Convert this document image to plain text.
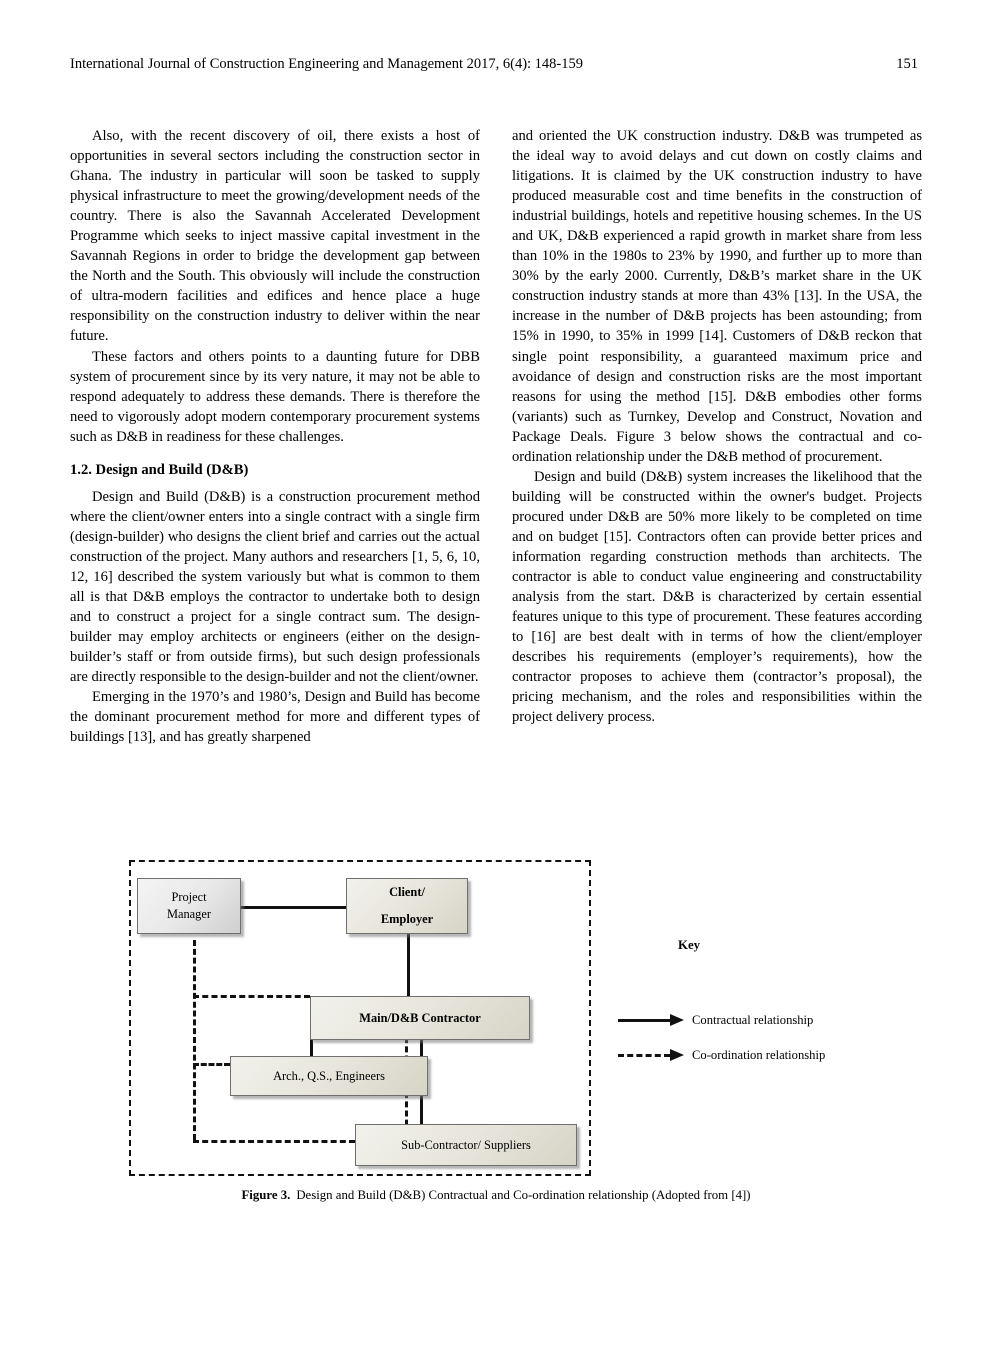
International Journal of Construction Engineering and Management 2017, 6(4): 148-159	151

Also, with the recent discovery of oil, there exists a host of opportunities in several sectors including the construction sector in Ghana. The industry in particular will soon be tasked to supply physical infrastructure to meet the growing/development needs of the country. There is also the Savannah Accelerated Development Programme which seeks to inject massive capital investment in the Savannah Regions in order to bridge the development gap between the North and the South. This obviously will include the construction of ultra-modern facilities and edifices and hence place a huge responsibility on the construction industry to deliver within the near future.

These factors and others points to a daunting future for DBB system of procurement since by its very nature, it may not be able to respond adequately to address these demands. There is therefore the need to vigorously adopt modern contemporary procurement systems such as D&B in readiness for these challenges.

1.2. Design and Build (D&B)

Design and Build (D&B) is a construction procurement method where the client/owner enters into a single contract with a single firm (design-builder) who designs the client brief and carries out the actual construction of the project. Many authors and researchers [1, 5, 6, 10, 12, 16] described the system variously but what is common to them all is that D&B employs the contractor to undertake both to design and to construct a project for a single contract sum. The design-builder may employ architects or engineers (either on the design-builder’s staff or from outside firms), but such design professionals are directly responsible to the design-builder and not the client/owner.

Emerging in the 1970’s and 1980’s, Design and Build has become the dominant procurement method for more and different types of buildings [13], and has greatly sharpened

and oriented the UK construction industry. D&B was trumpeted as the ideal way to avoid delays and cut down on costly claims and litigations. It is claimed by the UK construction industry to have produced measurable cost and time benefits in the construction of industrial buildings, hotels and repetitive housing schemes. In the US and UK, D&B experienced a rapid growth in market share from less than 10% in the 1980s to 23% by 1990, and further up to more than 30% by the early 2000. Currently, D&B’s market share in the UK construction industry stands at more than 43% [13]. In the USA, the increase in the number of D&B projects has been astounding; from 15% in 1990, to 35% in 1999 [14]. Customers of D&B reckon that single point responsibility, a guaranteed maximum price and avoidance of design and construction risks are the most important reasons for using the method [15]. D&B embodies other forms (variants) such as Turnkey, Develop and Construct, Novation and Package Deals. Figure 3 below shows the contractual and co-ordination relationship under the D&B method of procurement.

Design and build (D&B) system increases the likelihood that the building will be constructed within the owner's budget. Projects procured under D&B are 50% more likely to be completed on time and on budget [15]. Contractors often can provide better prices and information regarding construction methods than architects. The contractor is able to conduct value engineering and constructability analysis from the start. D&B is characterized by certain essential features unique to this type of procurement. These features according to [16] are best dealt with in terms of how the client/employer describes his requirements (employer’s requirements), how the contractor proposes to achieve them (contractor’s proposal), the pricing mechanism, and the roles and responsibilities within the project delivery process.

Project
Manager
Client/
Employer
Main/D&B Contractor
Arch., Q.S., Engineers
Sub-Contractor/ Suppliers
Key
Contractual relationship
Co-ordination relationship
Figure 3. Design and Build (D&B) Contractual and Co-ordination relationship (Adopted from [4])
